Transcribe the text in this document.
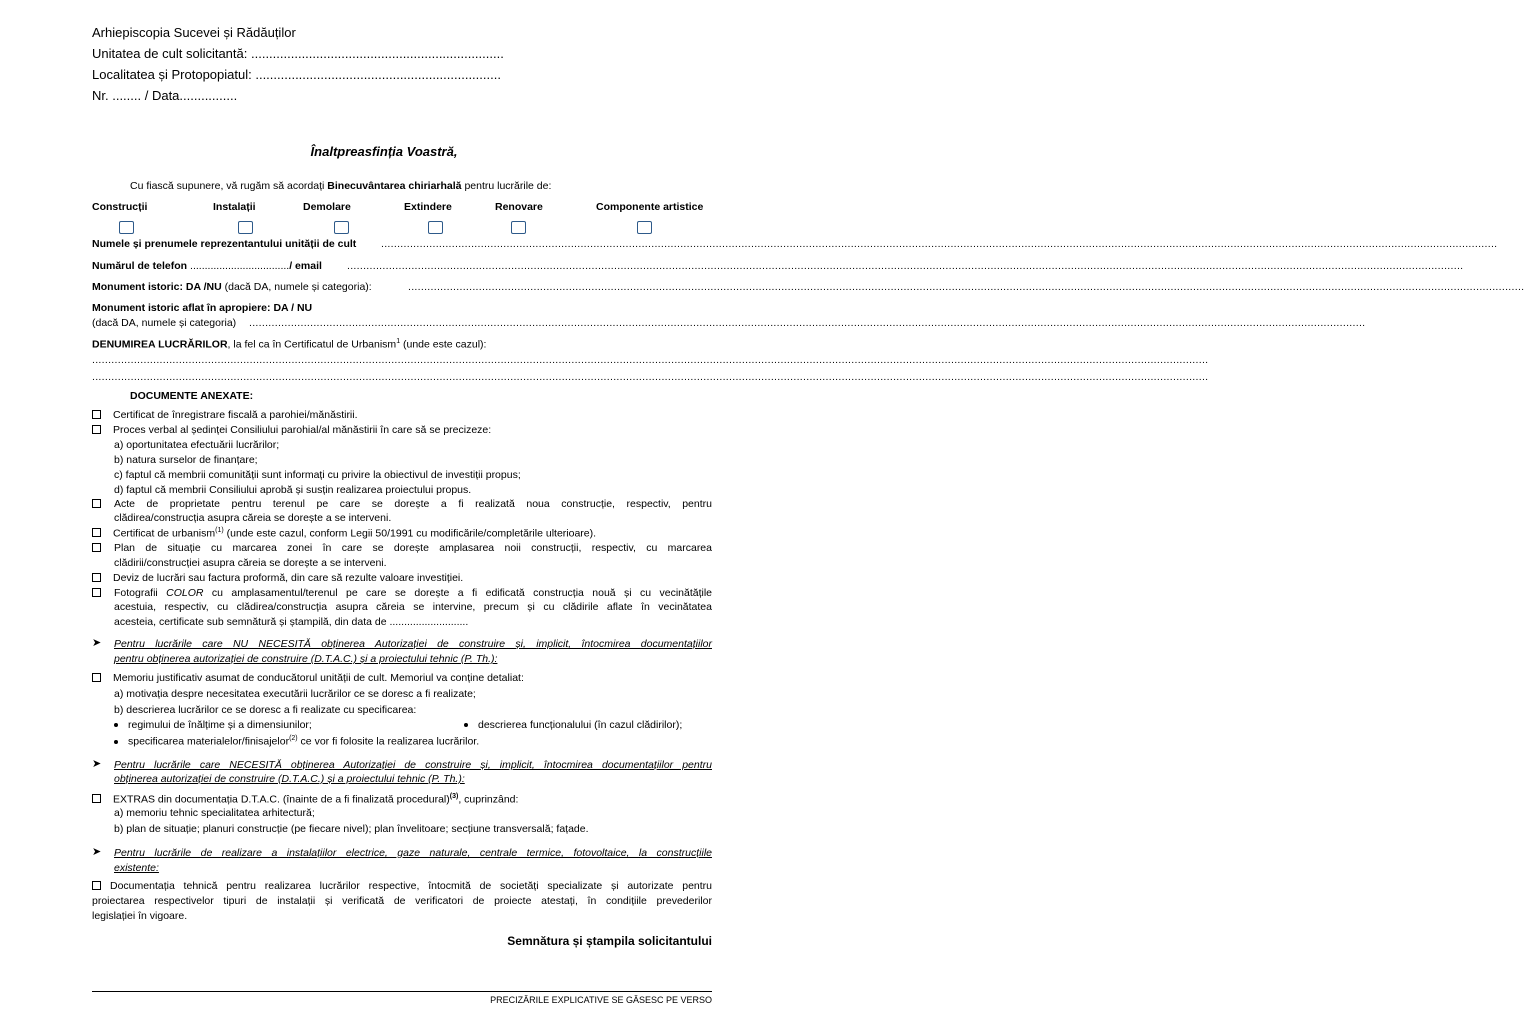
Arhiepiscopia Sucevei și Rădăuților
Unitatea de cult solicitantă: ......................................................................
Localitatea și Protopopiatul: ....................................................................
Nr. ........ / Data................
Înaltpreasfinția Voastră,
Cu fiască supunere, vă rugăm să acordați Binecuvântarea chiriarhală pentru lucrările de:
Construcții	Instalații	Demolare	Extindere	Renovare	Componente artistice
Numele și prenumele reprezentantului unității de cult ...........................................................................................................................................................................................................................................................................................................................................................
Numărul de telefon ................................../ email ...........................................................................................................................................................................................................................................................................................................................................................
Monument istoric: DA /NU (dacă DA, numele și categoria):	...........................................................................................................................................................................................................................................................................................................................................................
Monument istoric aflat în apropiere: DA / NU
(dacă DA, numele și categoria) ...........................................................................................................................................................................................................................................................................................................................................................
DENUMIREA LUCRĂRILOR, la fel ca în Certificatul de Urbanism$^1$ (unde este cazul):
...........................................................................................................................................................................................................................................................................................................................................................
...........................................................................................................................................................................................................................................................................................................................................................
DOCUMENTE ANEXATE:
Certificat de înregistrare fiscală a parohiei/mănăstirii.
Proces verbal al ședinței Consiliului parohial/al mănăstirii în care să se precizeze:
a) oportunitatea efectuării lucrărilor;
b) natura surselor de finanțare;
c) faptul că membrii comunității sunt informați cu privire la obiectivul de investiții propus;
d) faptul că membrii Consiliului aprobă și susțin realizarea proiectului propus.
Acte de proprietate pentru terenul pe care se dorește a fi realizată noua construcție, respectiv, pentru
clădirea/construcția asupra căreia se dorește a se interveni.
Certificat de urbanism$^{(1)}$ (unde este cazul, conform Legii 50/1991 cu modificările/completările ulterioare).
Plan de situație cu marcarea zonei în care se dorește amplasarea noii construcții, respectiv, cu marcarea
clădirii/construcției asupra căreia se dorește a se interveni.
Deviz de lucrări sau factura proformă, din care să rezulte valoare investiției.
Fotografii COLOR cu amplasamentul/terenul pe care se dorește a fi edificată construcția nouă și cu vecinătățile
acestuia, respectiv, cu clădirea/construcția asupra căreia se intervine, precum și cu clădirile aflate în vecinătatea
acesteia, certificate sub semnătură și ștampilă, din data de ...........................
➤ Pentru lucrările care NU NECESITĂ obținerea Autorizației de construire și, implicit, întocmirea documentațiilor
pentru obținerea autorizației de construire (D.T.A.C.) și a proiectului tehnic (P. Th.):
Memoriu justificativ asumat de conducătorul unității de cult. Memoriul va conține detaliat:
a) motivația despre necesitatea executării lucrărilor ce se doresc a fi realizate;
b) descrierea lucrărilor ce se doresc a fi realizate cu specificarea:
regimului de înălțime și a dimensiunilor;	descrierea funcționalului (în cazul clădirilor);
specificarea materialelor/finisajelor$^{(2)}$ ce vor fi folosite la realizarea lucrărilor.
➤ Pentru lucrările care NECESITĂ obținerea Autorizației de construire și, implicit, întocmirea documentațiilor pentru
obținerea autorizației de construire (D.T.A.C.) și a proiectului tehnic (P. Th.):
EXTRAS din documentația D.T.A.C. (înainte de a fi finalizată procedural)$^{(3)}$, cuprinzând:
a) memoriu tehnic specialitatea arhitectură;
b) plan de situație; planuri construcție (pe fiecare nivel); plan învelitoare; secțiune transversală; fațade.
➤ Pentru lucrările de realizare a instalațiilor electrice, gaze naturale, centrale termice, fotovoltaice, la construcțiile
existente:
Documentația tehnică pentru realizarea lucrărilor respective, întocmită de societăți specializate și autorizate pentru
proiectarea respectivelor tipuri de instalații și verificată de verificatori de proiecte atestați, în condițiile prevederilor
legislației în vigoare.
Semnătura și ștampila solicitantului
PRECIZĂRILE EXPLICATIVE SE GĂSESC PE VERSO
